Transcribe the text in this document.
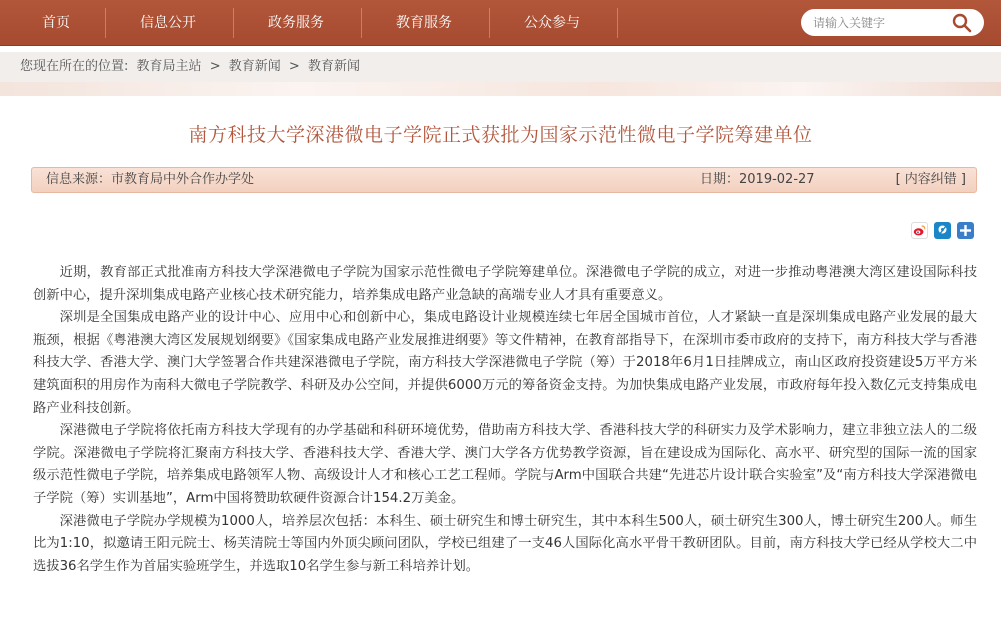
首页	信息公开	政务服务	教育服务	公众参与
请输入关键字
您现在所在的位置: 教育局主站 > 教育新闻 > 教育新闻
南方科技大学深港微电子学院正式获批为国家示范性微电子学院筹建单位
信息来源：市教育局中外合作办学处	日期：2019-02-27	[ 内容纠错 ]

近期，教育部正式批准南方科技大学深港微电子学院为国家示范性微电子学院筹建单位。深港微电子学院的成立，对进一步推动粤港澳大湾区建设国际科技创新中心，提升深圳集成电路产业核心技术研究能力，培养集成电路产业急缺的高端专业人才具有重要意义。

深圳是全国集成电路产业的设计中心、应用中心和创新中心，集成电路设计业规模连续七年居全国城市首位，人才紧缺一直是深圳集成电路产业发展的最大瓶颈，根据《粤港澳大湾区发展规划纲要》《国家集成电路产业发展推进纲要》等文件精神，在教育部指导下，在深圳市委市政府的支持下，南方科技大学与香港科技大学、香港大学、澳门大学签署合作共建深港微电子学院，南方科技大学深港微电子学院（筹）于2018年6月1日挂牌成立，南山区政府投资建设5万平方米建筑面积的用房作为南科大微电子学院教学、科研及办公空间，并提供6000万元的筹备资金支持。为加快集成电路产业发展，市政府每年投入数亿元支持集成电路产业科技创新。

深港微电子学院将依托南方科技大学现有的办学基础和科研环境优势，借助南方科技大学、香港科技大学的科研实力及学术影响力，建立非独立法人的二级学院。深港微电子学院将汇聚南方科技大学、香港科技大学、香港大学、澳门大学各方优势教学资源，旨在建设成为国际化、高水平、研究型的国际一流的国家级示范性微电子学院，培养集成电路领军人物、高级设计人才和核心工艺工程师。学院与Arm中国联合共建“先进芯片设计联合实验室”及“南方科技大学深港微电子学院（筹）实训基地”，Arm中国将赞助软硬件资源合计154.2万美金。

深港微电子学院办学规模为1000人，培养层次包括：本科生、硕士研究生和博士研究生，其中本科生500人，硕士研究生300人，博士研究生200人。师生比为1:10，拟邀请王阳元院士、杨芙清院士等国内外顶尖顾问团队，学校已组建了一支46人国际化高水平骨干教研团队。目前，南方科技大学已经从学校大二中选拔36名学生作为首届实验班学生，并选取10名学生参与新工科培养计划。
